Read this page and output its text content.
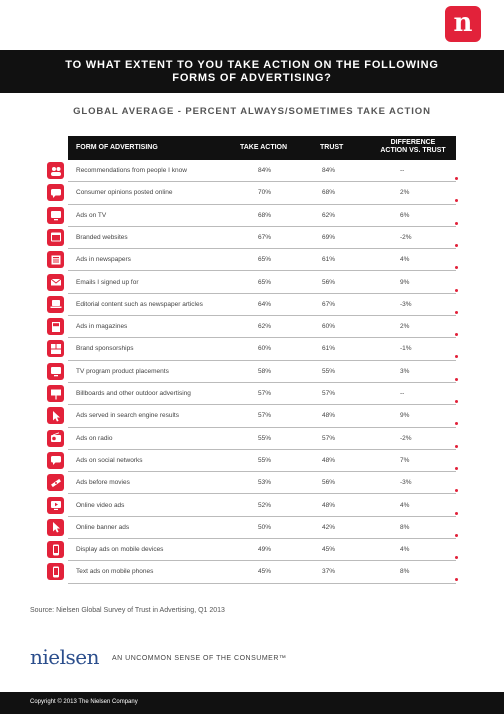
n
TO WHAT EXTENT TO YOU TAKE ACTION ON THE FOLLOWING
FORMS OF ADVERTISING?
GLOBAL AVERAGE - PERCENT ALWAYS/SOMETIMES TAKE ACTION
FORM OF ADVERTISING	TAKE ACTION	TRUST
DIFFERENCE
ACTION VS. TRUST
Recommendations from people I know	84%	84%	--
Consumer opinions posted online	70%	68%	2%
Ads on TV	68%	62%	6%
Branded websites	67%	69%	-2%
Ads in newspapers	65%	61%	4%
Emails I signed up for	65%	56%	9%
Editorial content such as newspaper articles	64%	67%	-3%
Ads in magazines	62%	60%	2%
Brand sponsorships	60%	61%	-1%
TV program product placements	58%	55%	3%
Billboards and other outdoor advertising	57%	57%	--
Ads served in search engine results	57%	48%	9%
Ads on radio	55%	57%	-2%
Ads on social networks	55%	48%	7%
Ads before movies	53%	56%	-3%
Online video ads	52%	48%	4%
Online banner ads	50%	42%	8%
Display ads on mobile devices	49%	45%	4%
Text ads on mobile phones	45%	37%	8%
Source: Nielsen Global Survey of Trust in Advertising, Q1 2013
nielsen AN UNCOMMON SENSE OF THE CONSUMER™
Copyright © 2013 The Nielsen Company
